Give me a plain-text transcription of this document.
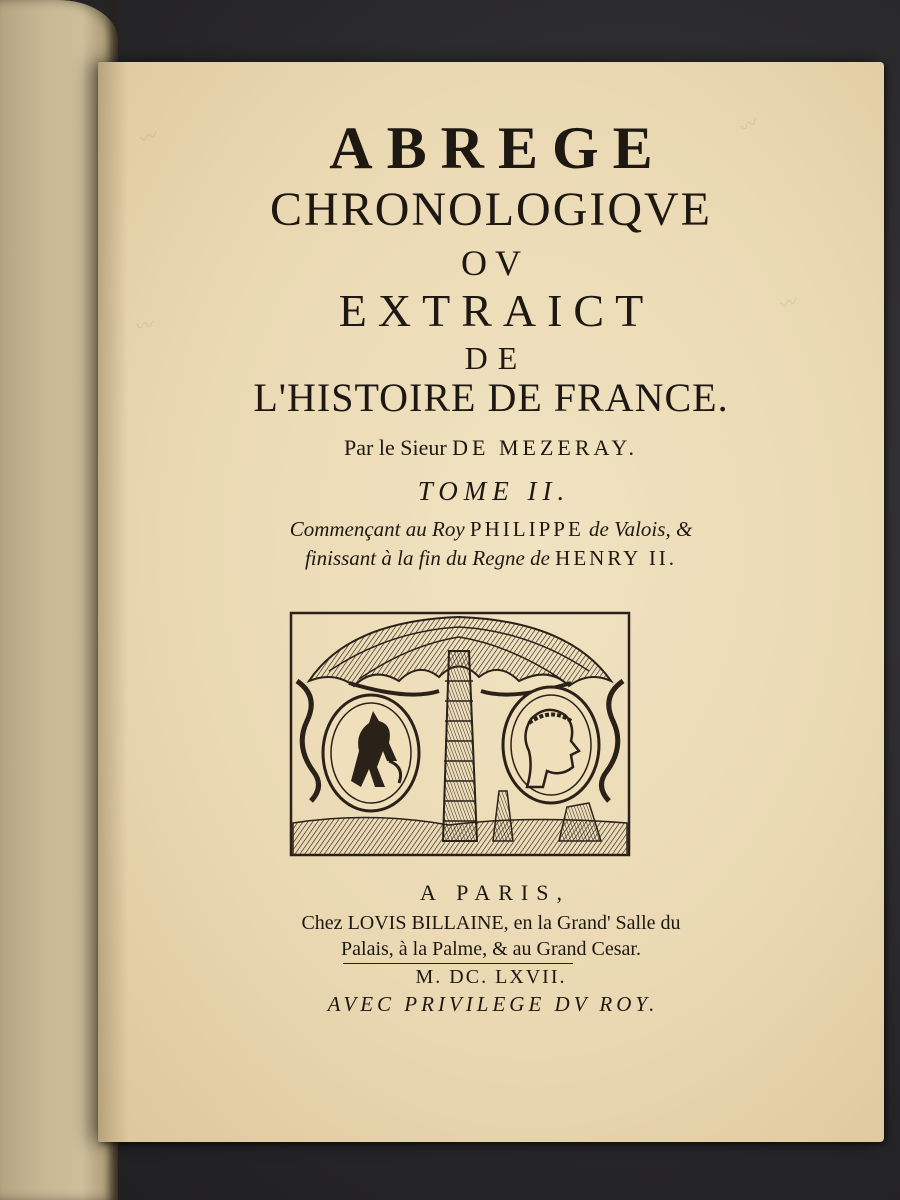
〰	〰
〰
〰
ABREGE
CHRONOLOGIQVE
OV
EXTRAICT
DE
L'HISTOIRE DE FRANCE.
Par le Sieur DE MEZERAY.
TOME II.
Commençant au Roy PHILIPPE de Valois, &
finissant à la fin du Regne de HENRY II.
A PARIS,
Chez LOVIS BILLAINE, en la Grand' Salle du
Palais, à la Palme, & au Grand Cesar.
M. DC. LXVII.
AVEC PRIVILEGE DV ROY.
